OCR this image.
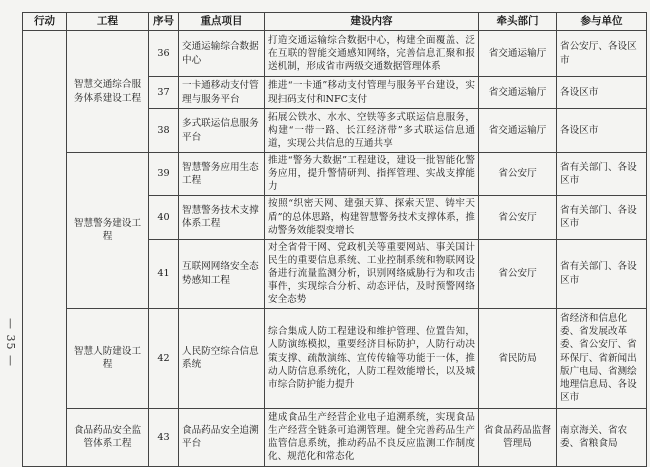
— 35 —
行动	工程	序号	重点项目	建设内容	牵头部门	参与单位
	智慧交通综合服务体系建设工程	36	交通运输综合数据中心	打造交通运输综合数据中心，构建全面覆盖、泛在互联的智能交通感知网络，完善信息汇聚和报送机制，形成省市两级交通数据管理体系	省交通运输厅	省公安厅、各设区市
		37	一卡通移动支付管理与服务平台	推进“一卡通”移动支付管理与服务平台建设，实现扫码支付和NFC支付	省交通运输厅	各设区市
		38	多式联运信息服务平台	拓展公铁水、水水、空铁等多式联运信息服务，构建“一带一路、长江经济带”多式联运信息通道，实现公共信息的互通共享	省交通运输厅	各设区市
	智慧警务建设工程	39	智慧警务应用生态工程	推进“警务大数据”工程建设，建设一批智能化警务应用，提升警情研判、指挥管理、实战支撑能力	省公安厅	省有关部门、各设区市
		40	智慧警务技术支撑体系工程	按照“织密天网、建强天算、探索天罡、铸牢天盾”的总体思路，构建智慧警务技术支撑体系，推动警务效能裂变增长	省公安厅	省有关部门、各设区市
		41	互联网网络安全态势感知工程	对全省骨干网、党政机关等重要网站、事关国计民生的重要信息系统、工业控制系统和物联网设备进行流量监测分析，识别网络威胁行为和攻击事件，实现综合分析、动态评估，及时预警网络安全态势	省公安厅	省有关部门、各设区市
	智慧人防建设工程	42	人民防空综合信息系统	综合集成人防工程建设和维护管理、位置告知，人防演练模拟，重要经济目标防护，人防行动决策支撑、疏散演练、宣传传输等功能于一体，推动人防信息系统化，人防工程效能增长，以及城市综合防护能力提升	省民防局	省经济和信息化委、省发展改革委、省公安厅、省环保厅、省新闻出版广电局、省测绘地理信息局、各设区市
	食品药品安全监管体系工程	43	食品药品安全追溯平台	建成食品生产经营企业电子追溯系统，实现食品生产经营全链条可追溯管理。健全完善药品生产监管信息系统，推动药品不良反应监测工作制度化、规范化和常态化	省食品药品监督管理局	南京海关、省农委、省粮食局
